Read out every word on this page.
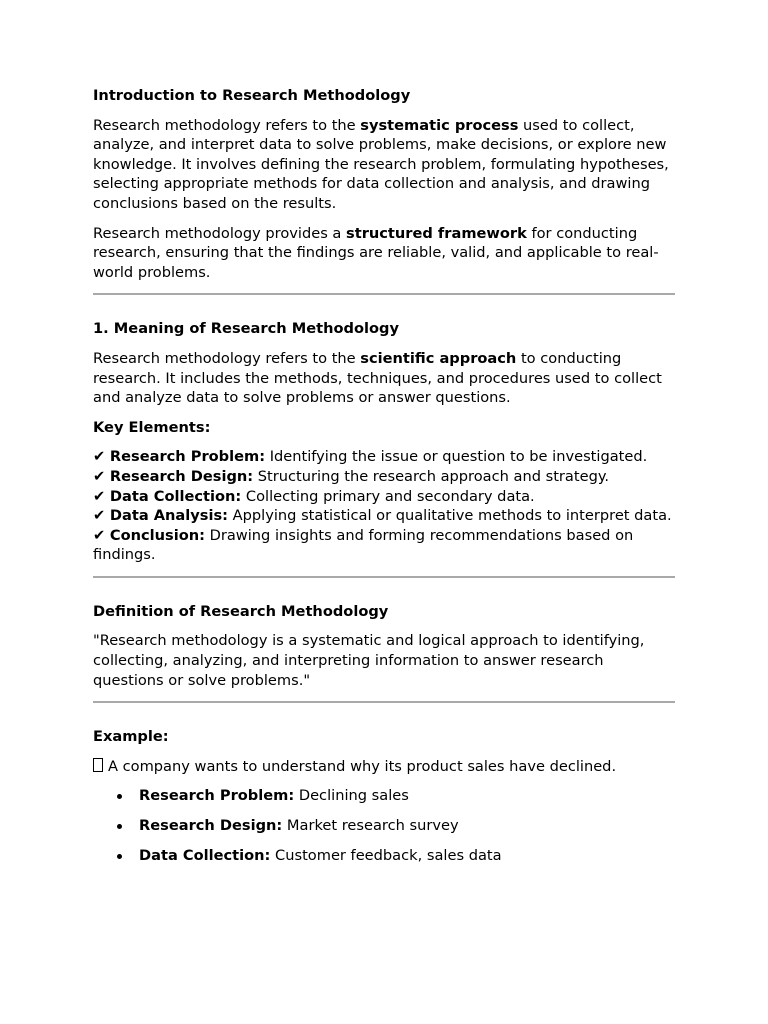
Introduction to Research Methodology

Research methodology refers to the systematic process used to collect, analyze, and interpret data to solve problems, make decisions, or explore new knowledge. It involves defining the research problem, formulating hypotheses, selecting appropriate methods for data collection and analysis, and drawing conclusions based on the results.

Research methodology provides a structured framework for conducting research, ensuring that the findings are reliable, valid, and applicable to real-world problems.

1. Meaning of Research Methodology

Research methodology refers to the scientific approach to conducting research. It includes the methods, techniques, and procedures used to collect and analyze data to solve problems or answer questions.

Key Elements:

✔ Research Problem: Identifying the issue or question to be investigated.
✔ Research Design: Structuring the research approach and strategy.
✔ Data Collection: Collecting primary and secondary data.
✔ Data Analysis: Applying statistical or qualitative methods to interpret data.
✔ Conclusion: Drawing insights and forming recommendations based on findings.
Definition of Research Methodology

"Research methodology is a systematic and logical approach to identifying, collecting, analyzing, and interpreting information to answer research questions or solve problems."

Example:

A company wants to understand why its product sales have declined.

Research Problem: Declining sales
Research Design: Market research survey
Data Collection: Customer feedback, sales data
